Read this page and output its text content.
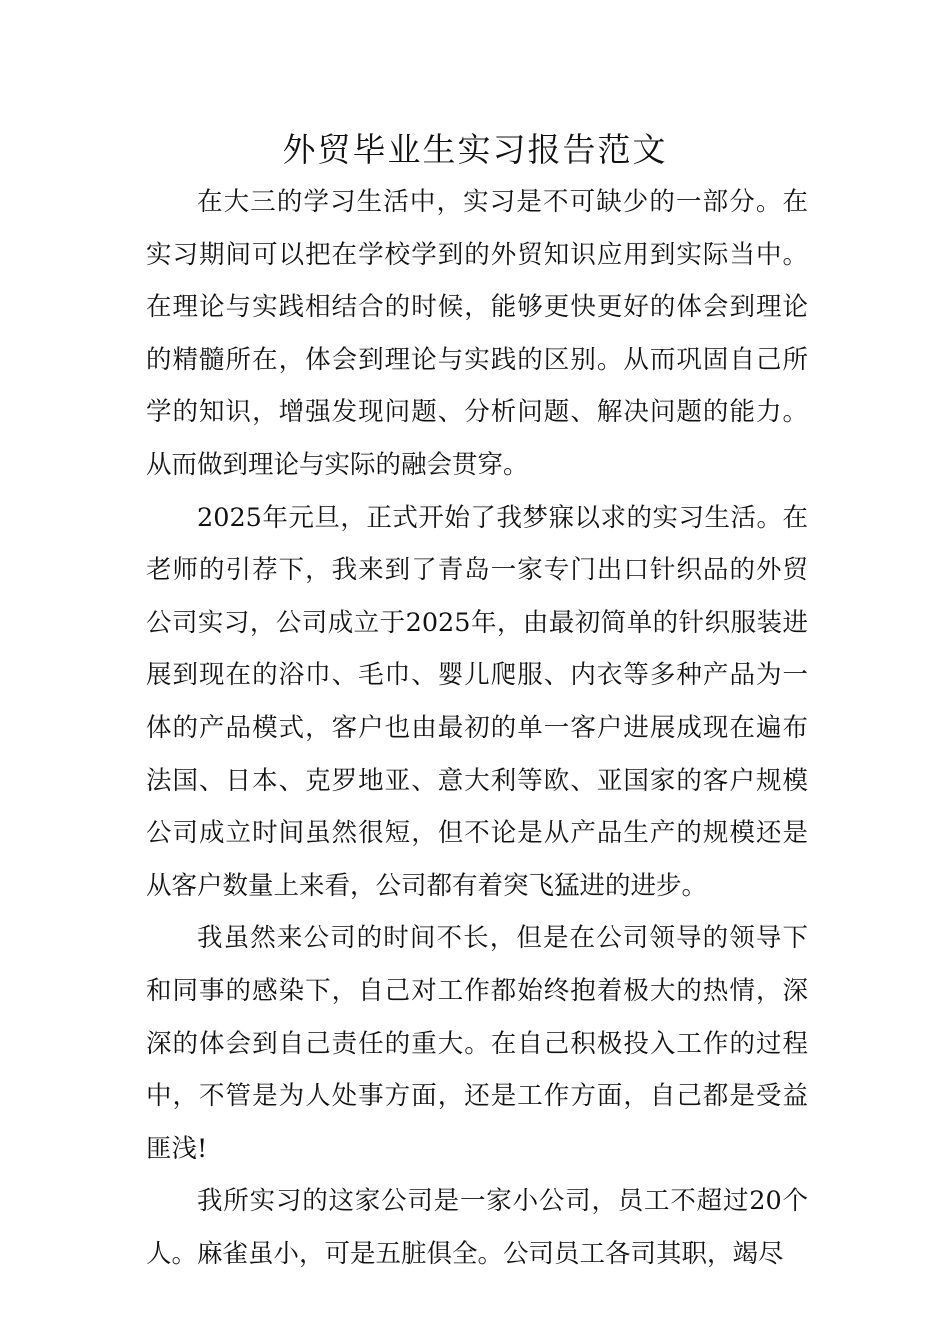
外贸毕业生实习报告范文

在大三的学习生活中，实习是不可缺少的一部分。在实习期间可以把在学校学到的外贸知识应用到实际当中。在理论与实践相结合的时候，能够更快更好的体会到理论的精髓所在，体会到理论与实践的区别。从而巩固自己所学的知识，增强发现问题、分析问题、解决问题的能力。从而做到理论与实际的融会贯穿。

2025年元旦，正式开始了我梦寐以求的实习生活。在老师的引荐下，我来到了青岛一家专门出口针织品的外贸公司实习，公司成立于2025年，由最初简单的针织服装进展到现在的浴巾、毛巾、婴儿爬服、内衣等多种产品为一体的产品模式，客户也由最初的单一客户进展成现在遍布法国、日本、克罗地亚、意大利等欧、亚国家的客户规模公司成立时间虽然很短，但不论是从产品生产的规模还是从客户数量上来看，公司都有着突飞猛进的进步。

我虽然来公司的时间不长，但是在公司领导的领导下和同事的感染下，自己对工作都始终抱着极大的热情，深深的体会到自己责任的重大。在自己积极投入工作的过程中，不管是为人处事方面，还是工作方面，自己都是受益匪浅!

我所实习的这家公司是一家小公司，员工不超过20个人。麻雀虽小，可是五脏俱全。公司员工各司其职，竭尽
